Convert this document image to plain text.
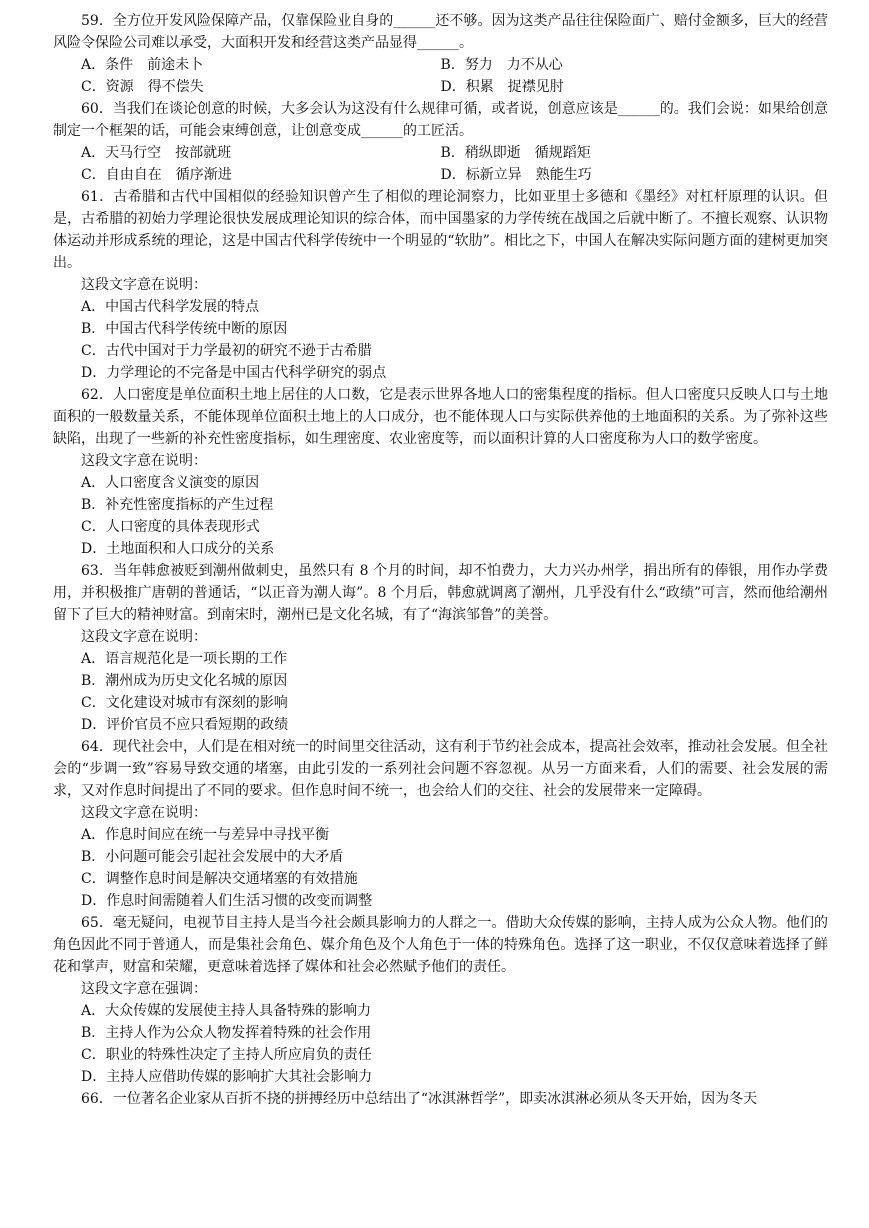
59．全方位开发风险保障产品，仅靠保险业自身的______还不够。因为这类产品往往保险面广、赔付金额多，巨大的经营风险令保险公司难以承受，大面积开发和经营这类产品显得______。

A．条件　前途未卜	B．努力　力不从心

C．资源　得不偿失	D．积累　捉襟见肘

60．当我们在谈论创意的时候，大多会认为这没有什么规律可循，或者说，创意应该是______的。我们会说：如果给创意制定一个框架的话，可能会束缚创意，让创意变成______的工匠活。

A．天马行空　按部就班	B．稍纵即逝　循规蹈矩

C．自由自在　循序渐进	D．标新立异　熟能生巧

61．古希腊和古代中国相似的经验知识曾产生了相似的理论洞察力，比如亚里士多德和《墨经》对杠杆原理的认识。但是，古希腊的初始力学理论很快发展成理论知识的综合体，而中国墨家的力学传统在战国之后就中断了。不擅长观察、认识物体运动并形成系统的理论，这是中国古代科学传统中一个明显的“软肋”。相比之下，中国人在解决实际问题方面的建树更加突出。

这段文字意在说明：

A．中国古代科学发展的特点

B．中国古代科学传统中断的原因

C．古代中国对于力学最初的研究不逊于古希腊

D．力学理论的不完备是中国古代科学研究的弱点

62．人口密度是单位面积土地上居住的人口数，它是表示世界各地人口的密集程度的指标。但人口密度只反映人口与土地面积的一般数量关系，不能体现单位面积土地上的人口成分，也不能体现人口与实际供养他的土地面积的关系。为了弥补这些缺陷，出现了一些新的补充性密度指标，如生理密度、农业密度等，而以面积计算的人口密度称为人口的数学密度。

这段文字意在说明：

A．人口密度含义演变的原因

B．补充性密度指标的产生过程

C．人口密度的具体表现形式

D．土地面积和人口成分的关系

63．当年韩愈被贬到潮州做刺史，虽然只有 8 个月的时间，却不怕费力，大力兴办州学，捐出所有的俸银，用作办学费用，并积极推广唐朝的普通话，“以正音为潮人诲”。8 个月后，韩愈就调离了潮州，几乎没有什么“政绩”可言，然而他给潮州留下了巨大的精神财富。到南宋时，潮州已是文化名城，有了“海滨邹鲁”的美誉。

这段文字意在说明：

A．语言规范化是一项长期的工作

B．潮州成为历史文化名城的原因

C．文化建设对城市有深刻的影响

D．评价官员不应只看短期的政绩

64．现代社会中，人们是在相对统一的时间里交往活动，这有利于节约社会成本，提高社会效率，推动社会发展。但全社会的“步调一致”容易导致交通的堵塞，由此引发的一系列社会问题不容忽视。从另一方面来看，人们的需要、社会发展的需求，又对作息时间提出了不同的要求。但作息时间不统一，也会给人们的交往、社会的发展带来一定障碍。

这段文字意在说明：

A．作息时间应在统一与差异中寻找平衡

B．小问题可能会引起社会发展中的大矛盾

C．调整作息时间是解决交通堵塞的有效措施

D．作息时间需随着人们生活习惯的改变而调整

65．毫无疑问，电视节目主持人是当今社会颇具影响力的人群之一。借助大众传媒的影响，主持人成为公众人物。他们的角色因此不同于普通人，而是集社会角色、媒介角色及个人角色于一体的特殊角色。选择了这一职业，不仅仅意味着选择了鲜花和掌声，财富和荣耀，更意味着选择了媒体和社会必然赋予他们的责任。

这段文字意在强调：

A．大众传媒的发展使主持人具备特殊的影响力

B．主持人作为公众人物发挥着特殊的社会作用

C．职业的特殊性决定了主持人所应肩负的责任

D．主持人应借助传媒的影响扩大其社会影响力

66．一位著名企业家从百折不挠的拼搏经历中总结出了“冰淇淋哲学”，即卖冰淇淋必须从冬天开始，因为冬天
